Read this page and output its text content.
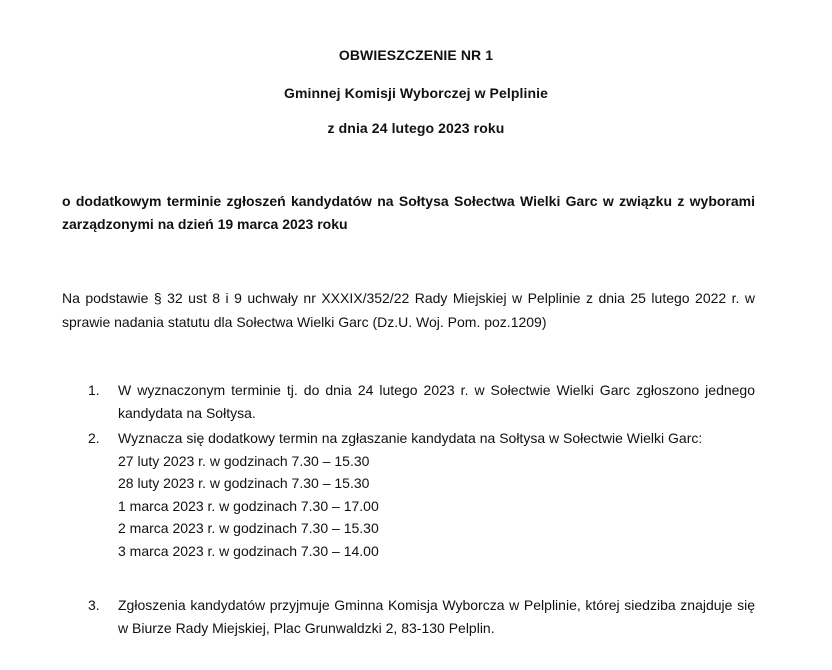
OBWIESZCZENIE NR 1
Gminnej Komisji Wyborczej w Pelplinie
z dnia 24 lutego 2023 roku
o dodatkowym terminie zgłoszeń kandydatów na Sołtysa Sołectwa Wielki Garc w związku z wyborami zarządzonymi na dzień 19 marca 2023 roku
Na podstawie § 32 ust 8 i 9 uchwały nr XXXIX/352/22 Rady Miejskiej w Pelplinie z dnia 25 lutego 2022 r. w sprawie nadania statutu dla Sołectwa Wielki Garc (Dz.U. Woj. Pom. poz.1209)
1.	W wyznaczonym terminie tj. do dnia 24 lutego 2023 r. w Sołectwie Wielki Garc zgłoszono jednego kandydata na Sołtysa.
2.	Wyznacza się dodatkowy termin na zgłaszanie kandydata na Sołtysa w Sołectwie Wielki Garc:
27 luty 2023 r. w godzinach 7.30 – 15.30
28 luty 2023 r. w godzinach 7.30 – 15.30
1 marca 2023 r. w godzinach 7.30 – 17.00
2 marca 2023 r. w godzinach 7.30 – 15.30
3 marca 2023 r. w godzinach 7.30 – 14.00
3.	Zgłoszenia kandydatów przyjmuje Gminna Komisja Wyborcza w Pelplinie, której siedziba znajduje się w Biurze Rady Miejskiej, Plac Grunwaldzki 2, 83-130 Pelplin.
